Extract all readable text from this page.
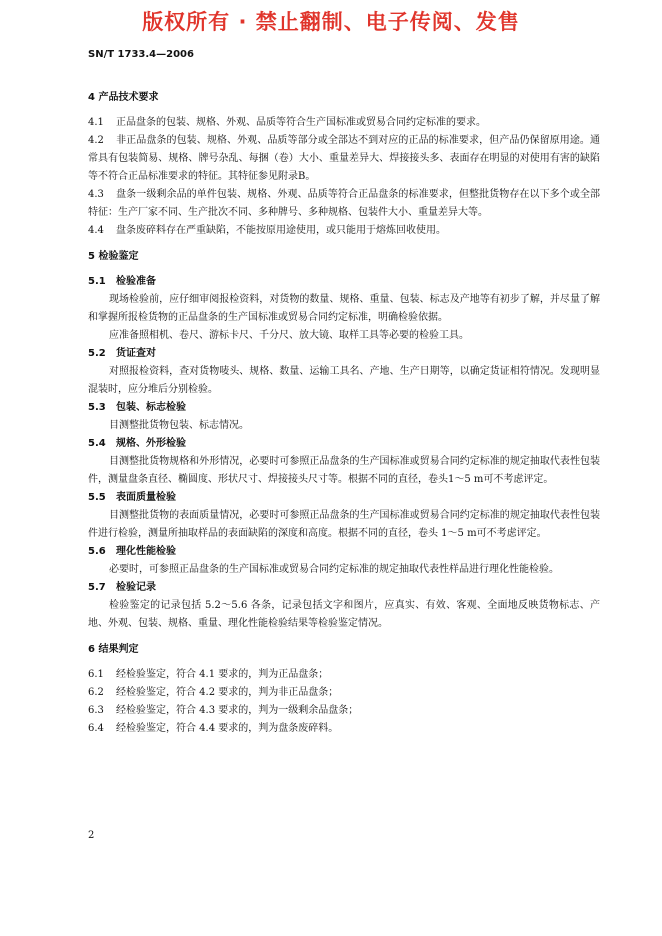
版权所有 · 禁止翻制、电子传阅、发售
SN/T 1733.4—2006
4 产品技术要求

4.1 正品盘条的包装、规格、外观、品质等符合生产国标准或贸易合同约定标准的要求。

4.2 非正品盘条的包装、规格、外观、品质等部分或全部达不到对应的正品的标准要求，但产品仍保留原用途。通常具有包装简易、规格、牌号杂乱、每捆（卷）大小、重量差异大、焊接接头多、表面存在明显的对使用有害的缺陷等不符合正品标准要求的特征。其特征参见附录B。

4.3 盘条一级剩余品的单件包装、规格、外观、品质等符合正品盘条的标准要求，但整批货物存在以下多个或全部特征：生产厂家不同、生产批次不同、多种牌号、多种规格、包装件大小、重量差异大等。

4.4 盘条废碎料存在严重缺陷，不能按原用途使用，或只能用于熔炼回收使用。

5 检验鉴定
5.1 检验准备

现场检验前，应仔细审阅报检资料，对货物的数量、规格、重量、包装、标志及产地等有初步了解，并尽量了解和掌握所报检货物的正品盘条的生产国标准或贸易合同约定标准，明确检验依据。

应准备照相机、卷尺、游标卡尺、千分尺、放大镜、取样工具等必要的检验工具。

5.2 货证查对

对照报检资料，查对货物唛头、规格、数量、运输工具名、产地、生产日期等，以确定货证相符情况。发现明显混装时，应分堆后分别检验。

5.3 包装、标志检验

目测整批货物包装、标志情况。

5.4 规格、外形检验

目测整批货物规格和外形情况，必要时可参照正品盘条的生产国标准或贸易合同约定标准的规定抽取代表性包装件，测量盘条直径、椭圆度、形状尺寸、焊接接头尺寸等。根据不同的直径，卷头1～5 m可不考虑评定。

5.5 表面质量检验

目测整批货物的表面质量情况，必要时可参照正品盘条的生产国标准或贸易合同约定标准的规定抽取代表性包装件进行检验，测量所抽取样品的表面缺陷的深度和高度。根据不同的直径，卷头 1～5 m可不考虑评定。

5.6 理化性能检验

必要时，可参照正品盘条的生产国标准或贸易合同约定标准的规定抽取代表性样品进行理化性能检验。

5.7 检验记录

检验鉴定的记录包括 5.2～5.6 各条，记录包括文字和图片，应真实、有效、客观、全面地反映货物标志、产地、外观、包装、规格、重量、理化性能检验结果等检验鉴定情况。

6 结果判定

6.1 经检验鉴定，符合 4.1 要求的，判为正品盘条；

6.2 经检验鉴定，符合 4.2 要求的，判为非正品盘条；

6.3 经检验鉴定，符合 4.3 要求的，判为一级剩余品盘条；

6.4 经检验鉴定，符合 4.4 要求的，判为盘条废碎料。

2
